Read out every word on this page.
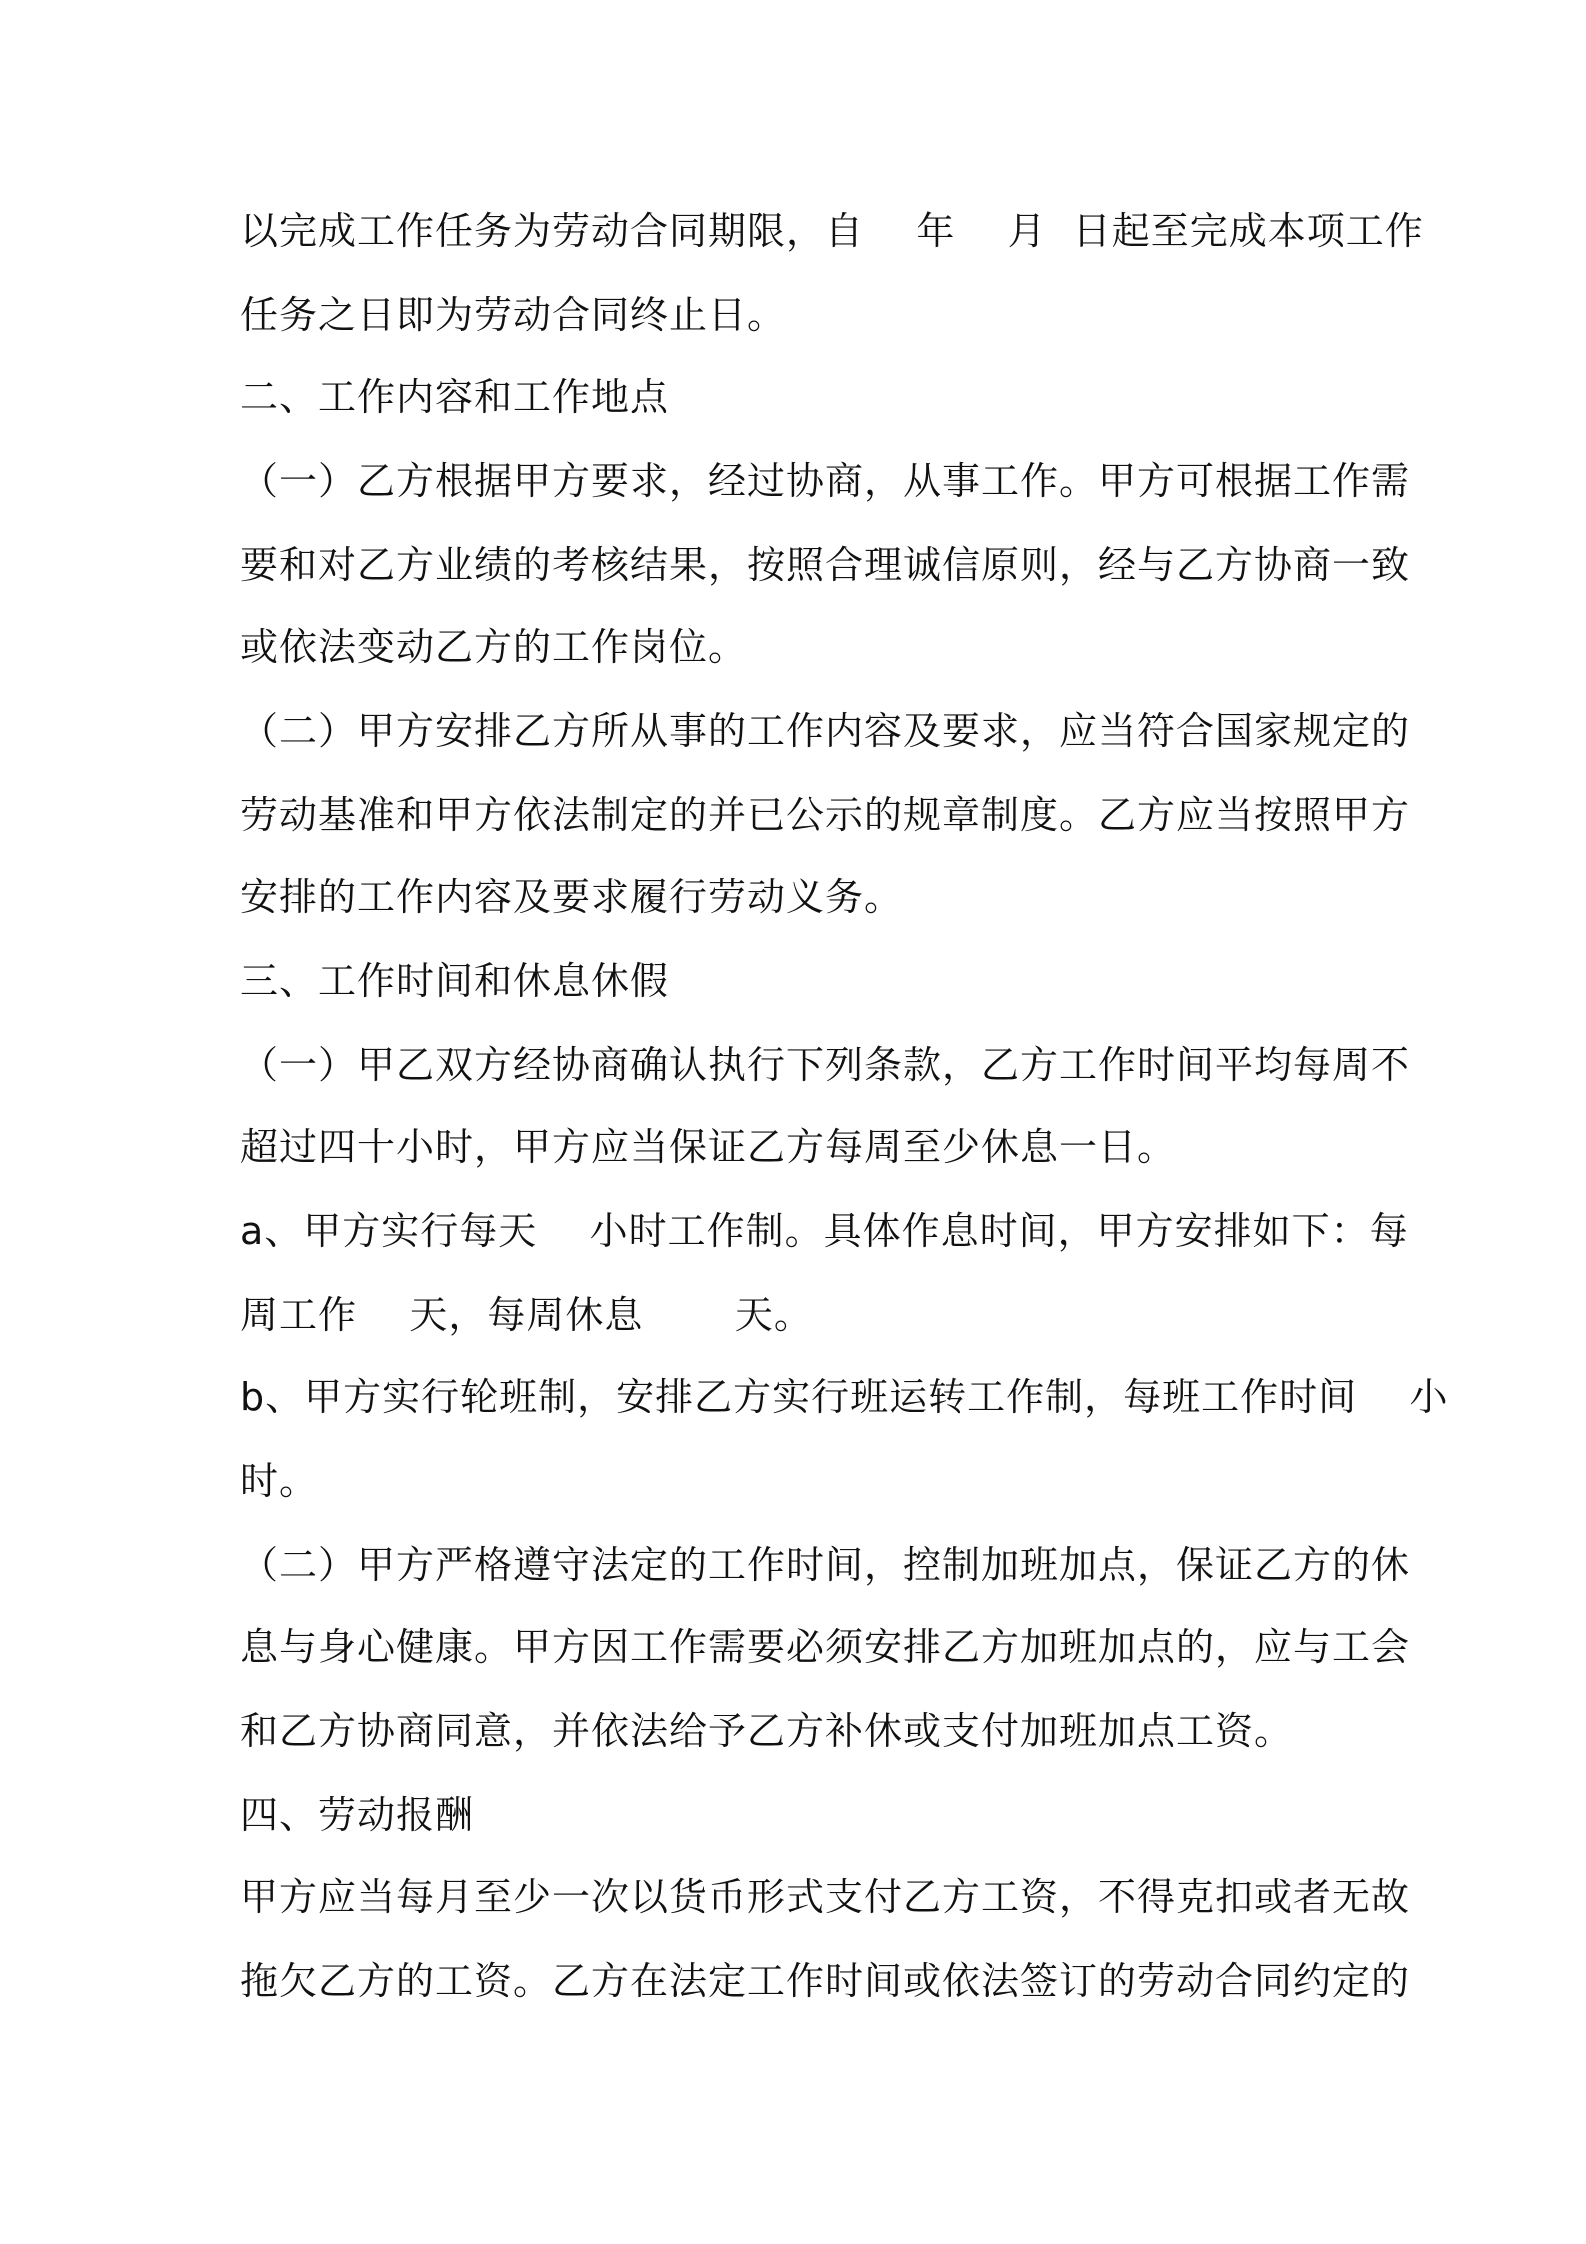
以完成工作任务为劳动合同期限，自    年    月  日起至完成本项工作
任务之日即为劳动合同终止日。
二、工作内容和工作地点
（一）乙方根据甲方要求，经过协商，从事工作。甲方可根据工作需
要和对乙方业绩的考核结果，按照合理诚信原则，经与乙方协商一致
或依法变动乙方的工作岗位。
（二）甲方安排乙方所从事的工作内容及要求，应当符合国家规定的
劳动基准和甲方依法制定的并已公示的规章制度。乙方应当按照甲方
安排的工作内容及要求履行劳动义务。
三、工作时间和休息休假
（一）甲乙双方经协商确认执行下列条款，乙方工作时间平均每周不
超过四十小时，甲方应当保证乙方每周至少休息一日。
a、甲方实行每天    小时工作制。具体作息时间，甲方安排如下：每
周工作    天，每周休息       天。
b、甲方实行轮班制，安排乙方实行班运转工作制，每班工作时间    小
时。
（二）甲方严格遵守法定的工作时间，控制加班加点，保证乙方的休
息与身心健康。甲方因工作需要必须安排乙方加班加点的，应与工会
和乙方协商同意，并依法给予乙方补休或支付加班加点工资。
四、劳动报酬
甲方应当每月至少一次以货币形式支付乙方工资，不得克扣或者无故
拖欠乙方的工资。乙方在法定工作时间或依法签订的劳动合同约定的
